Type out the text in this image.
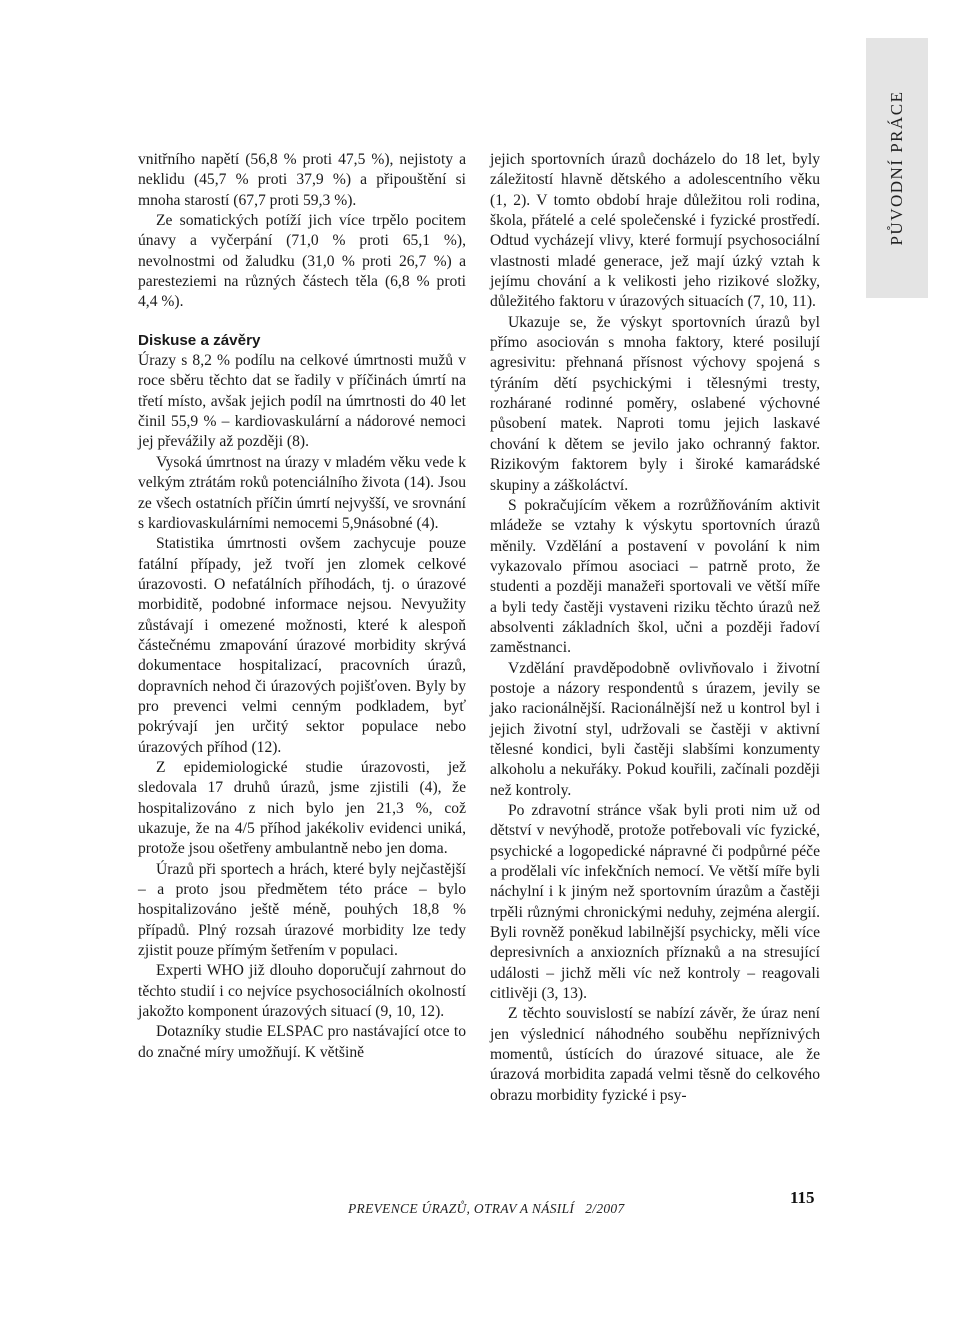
PŮVODNÍ PRÁCE

vnitřního napětí (56,8 % proti 47,5 %), nejistoty a neklidu (45,7 % proti 37,9 %) a připouštění si mnoha starostí (67,7 proti 59,3 %).

Ze somatických potíží jich více trpělo pocitem únavy a vyčerpání (71,0 % proti 65,1 %), nevolnostmi od žaludku (31,0 % proti 26,7 %) a paresteziemi na různých částech těla (6,8 % proti 4,4 %).

Diskuse a závěry

Úrazy s 8,2 % podílu na celkové úmrtnosti mužů v roce sběru těchto dat se řadily v příčinách úmrtí na třetí místo, avšak jejich podíl na úmrtnosti do 40 let činil 55,9 % – kardiovaskulární a nádorové nemoci jej převážily až později (8).

Vysoká úmrtnost na úrazy v mladém věku vede k velkým ztrátám roků potenciálního života (14). Jsou ze všech ostatních příčin úmrtí nejvyšší, ve srovnání s kardiovaskulárními nemocemi 5,9násobné (4).

Statistika úmrtnosti ovšem zachycuje pouze fatální případy, jež tvoří jen zlomek celkové úrazovosti. O nefatálních příhodách, tj. o úrazové morbiditě, podobné informace nejsou. Nevyužity zůstávají i omezené možnosti, které k alespoň částečnému zmapování úrazové morbidity skrývá dokumentace hospitalizací, pracovních úrazů, dopravních nehod či úrazových pojišťoven. Byly by pro prevenci velmi cenným podkladem, byť pokrývají jen určitý sektor populace nebo úrazových příhod (12).

Z epidemiologické studie úrazovosti, jež sledovala 17 druhů úrazů, jsme zjistili (4), že hospitalizováno z nich bylo jen 21,3 %, což ukazuje, že na 4/5 příhod jakékoliv evidenci uniká, protože jsou ošetřeny ambulantně nebo jen doma.

Úrazů při sportech a hrách, které byly nejčastější – a proto jsou předmětem této práce – bylo hospitalizováno ještě méně, pouhých 18,8 % případů. Plný rozsah úrazové morbidity lze tedy zjistit pouze přímým šetřením v populaci.

Experti WHO již dlouho doporučují zahrnout do těchto studií i co nejvíce psychosociálních okolností jakožto komponent úrazových situací (9, 10, 12).

Dotazníky studie ELSPAC pro nastávající otce to do značné míry umožňují. K většině

jejich sportovních úrazů docházelo do 18 let, byly záležitostí hlavně dětského a adolescentního věku (1, 2). V tomto období hraje důležitou roli rodina, škola, přátelé a celé společenské i fyzické prostředí. Odtud vycházejí vlivy, které formují psychosociální vlastnosti mladé generace, jež mají úzký vztah k jejímu chování a k velikosti jeho rizikové složky, důležitého faktoru v úrazových situacích (7, 10, 11).

Ukazuje se, že výskyt sportovních úrazů byl přímo asociován s mnoha faktory, které posilují agresivitu: přehnaná přísnost výchovy spojená s týráním dětí psychickými i tělesnými tresty, rozhárané rodinné poměry, oslabené výchovné působení matek. Naproti tomu jejich laskavé chování k dětem se jevilo jako ochranný faktor. Rizikovým faktorem byly i široké kamarádské skupiny a záškoláctví.

S pokračujícím věkem a rozrůžňováním aktivit mládeže se vztahy k výskytu sportovních úrazů měnily. Vzdělání a postavení v povolání k nim vykazovalo přímou asociaci – patrně proto, že studenti a později manažeři sportovali ve větší míře a byli tedy častěji vystaveni riziku těchto úrazů než absolventi základních škol, učni a později řadoví zaměstnanci.

Vzdělání pravděpodobně ovlivňovalo i životní postoje a názory respondentů s úrazem, jevily se jako racionálnější. Racionálnější než u kontrol byl i jejich životní styl, udržovali se častěji v aktivní tělesné kondici, byli častěji slabšími konzumenty alkoholu a nekuřáky. Pokud kouřili, začínali později než kontroly.

Po zdravotní stránce však byli proti nim už od dětství v nevýhodě, protože potřebovali víc fyzické, psychické a logopedické nápravné či podpůrné péče a prodělali víc infekčních nemocí. Ve větší míře byli náchylní i k jiným než sportovním úrazům a častěji trpěli různými chronickými neduhy, zejména alergií. Byli rovněž poněkud labilnější psychicky, měli více depresivních a anxiozních příznaků a na stresující události – jichž měli víc než kontroly – reagovali citlivěji (3, 13).

Z těchto souvislostí se nabízí závěr, že úraz není jen výslednicí náhodného souběhu nepříznivých momentů, ústících do úrazové situace, ale že úrazová morbidita zapadá velmi těsně do celkového obrazu morbidity fyzické i psy-

PREVENCE ÚRAZŮ, OTRAV A NÁSILÍ 2/2007
115
